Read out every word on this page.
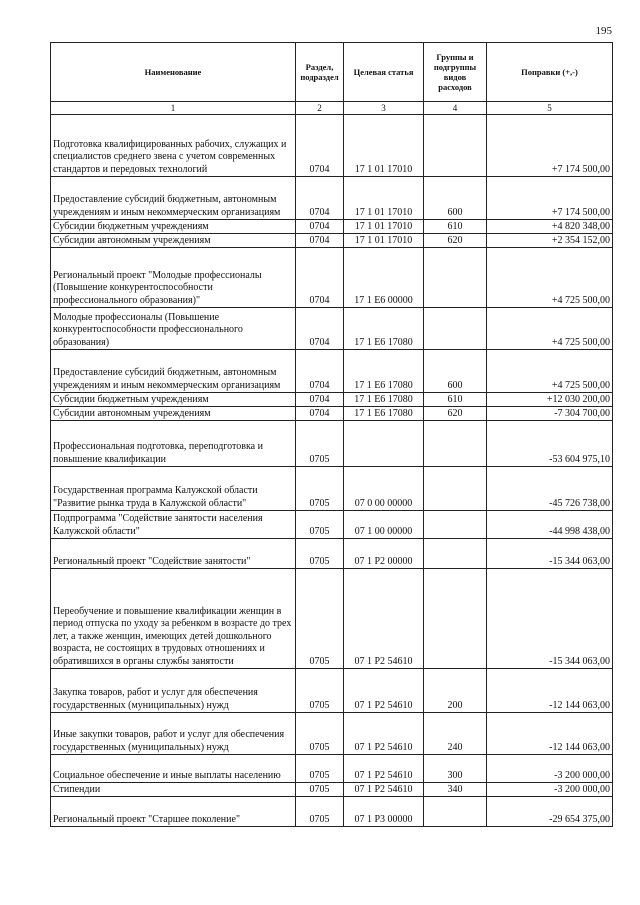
195
Наименование	Раздел, подраздел	Целевая статья	Группы и подгруппы видов расходов	Поправки (+,-)
1	2	3	4	5
Подготовка квалифицированных рабочих, служащих и специалистов среднего звена с учетом современных стандартов и передовых технологий	0704	17 1 01 17010		+7 174 500,00
Предоставление субсидий бюджетным, автономным учреждениям и иным некоммерческим организациям	0704	17 1 01 17010	600	+7 174 500,00
Субсидии бюджетным учреждениям	0704	17 1 01 17010	610	+4 820 348,00
Субсидии автономным учреждениям	0704	17 1 01 17010	620	+2 354 152,00
Региональный проект "Молодые профессионалы (Повышение конкурентоспособности профессионального образования)"	0704	17 1 E6 00000		+4 725 500,00
Молодые профессионалы (Повышение конкурентоспособности профессионального образования)	0704	17 1 E6 17080		+4 725 500,00
Предоставление субсидий бюджетным, автономным учреждениям и иным некоммерческим организациям	0704	17 1 E6 17080	600	+4 725 500,00
Субсидии бюджетным учреждениям	0704	17 1 E6 17080	610	+12 030 200,00
Субсидии автономным учреждениям	0704	17 1 E6 17080	620	-7 304 700,00
Профессиональная подготовка, переподготовка и повышение квалификации	0705			-53 604 975,10
Государственная программа Калужской области "Развитие рынка труда в Калужской области"	0705	07 0 00 00000		-45 726 738,00
Подпрограмма "Содействие занятости населения Калужской области"	0705	07 1 00 00000		-44 998 438,00
Региональный проект "Содействие занятости"	0705	07 1 P2 00000		-15 344 063,00
Переобучение и повышение квалификации женщин в период отпуска по уходу за ребенком в возрасте до трех лет, а также женщин, имеющих детей дошкольного возраста, не состоящих в трудовых отношениях и обратившихся в органы службы занятости	0705	07 1 P2 54610		-15 344 063,00
Закупка товаров, работ и услуг для обеспечения государственных (муниципальных) нужд	0705	07 1 P2 54610	200	-12 144 063,00
Иные закупки товаров, работ и услуг для обеспечения государственных (муниципальных) нужд	0705	07 1 P2 54610	240	-12 144 063,00
Социальное обеспечение и иные выплаты населению	0705	07 1 P2 54610	300	-3 200 000,00
Стипендии	0705	07 1 P2 54610	340	-3 200 000,00
Региональный проект "Старшее поколение"	0705	07 1 P3 00000		-29 654 375,00
